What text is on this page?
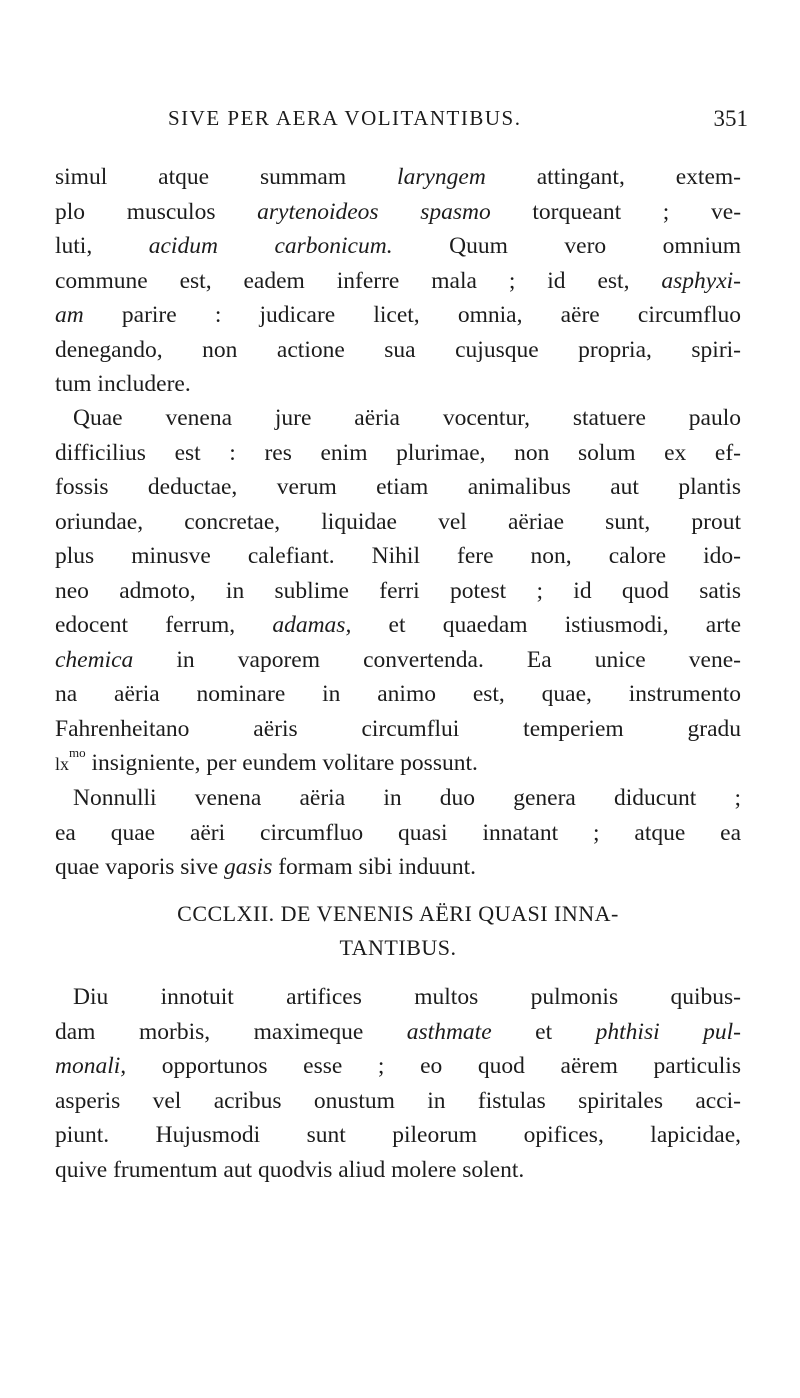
SIVE PER AERA VOLITANTIBUS.	351
simul atque summam laryngem attingant, extem-
plo musculos arytenoideos spasmo torqueant ; ve-
luti, acidum carbonicum. Quum vero omnium
commune est, eadem inferre mala ; id est, asphyxi-
am parire : judicare licet, omnia, aëre circumfluo
denegando, non actione sua cujusque propria, spiri-
tum includere.
Quae venena jure aëria vocentur, statuere paulo
difficilius est : res enim plurimae, non solum ex ef-
fossis deductae, verum etiam animalibus aut plantis
oriundae, concretae, liquidae vel aëriae sunt, prout
plus minusve calefiant. Nihil fere non, calore ido-
neo admoto, in sublime ferri potest ; id quod satis
edocent ferrum, adamas, et quaedam istiusmodi, arte
chemica in vaporem convertenda. Ea unice vene-
na aëria nominare in animo est, quae, instrumento
Fahrenheitano aëris circumflui temperiem gradu
$lx^{mo}$ insigniente, per eundem volitare possunt.
Nonnulli venena aëria in duo genera diducunt ;
ea quae aëri circumfluo quasi innatant ; atque ea
quae vaporis sive gasis formam sibi induunt.
CCCLXII. DE VENENIS AËRI QUASI INNA-
TANTIBUS.
Diu innotuit artifices multos pulmonis quibus-
dam morbis, maximeque asthmate et phthisi pul-
monali, opportunos esse ; eo quod aërem particulis
asperis vel acribus onustum in fistulas spiritales acci-
piunt. Hujusmodi sunt pileorum opifices, lapicidae,
quive frumentum aut quodvis aliud molere solent.
